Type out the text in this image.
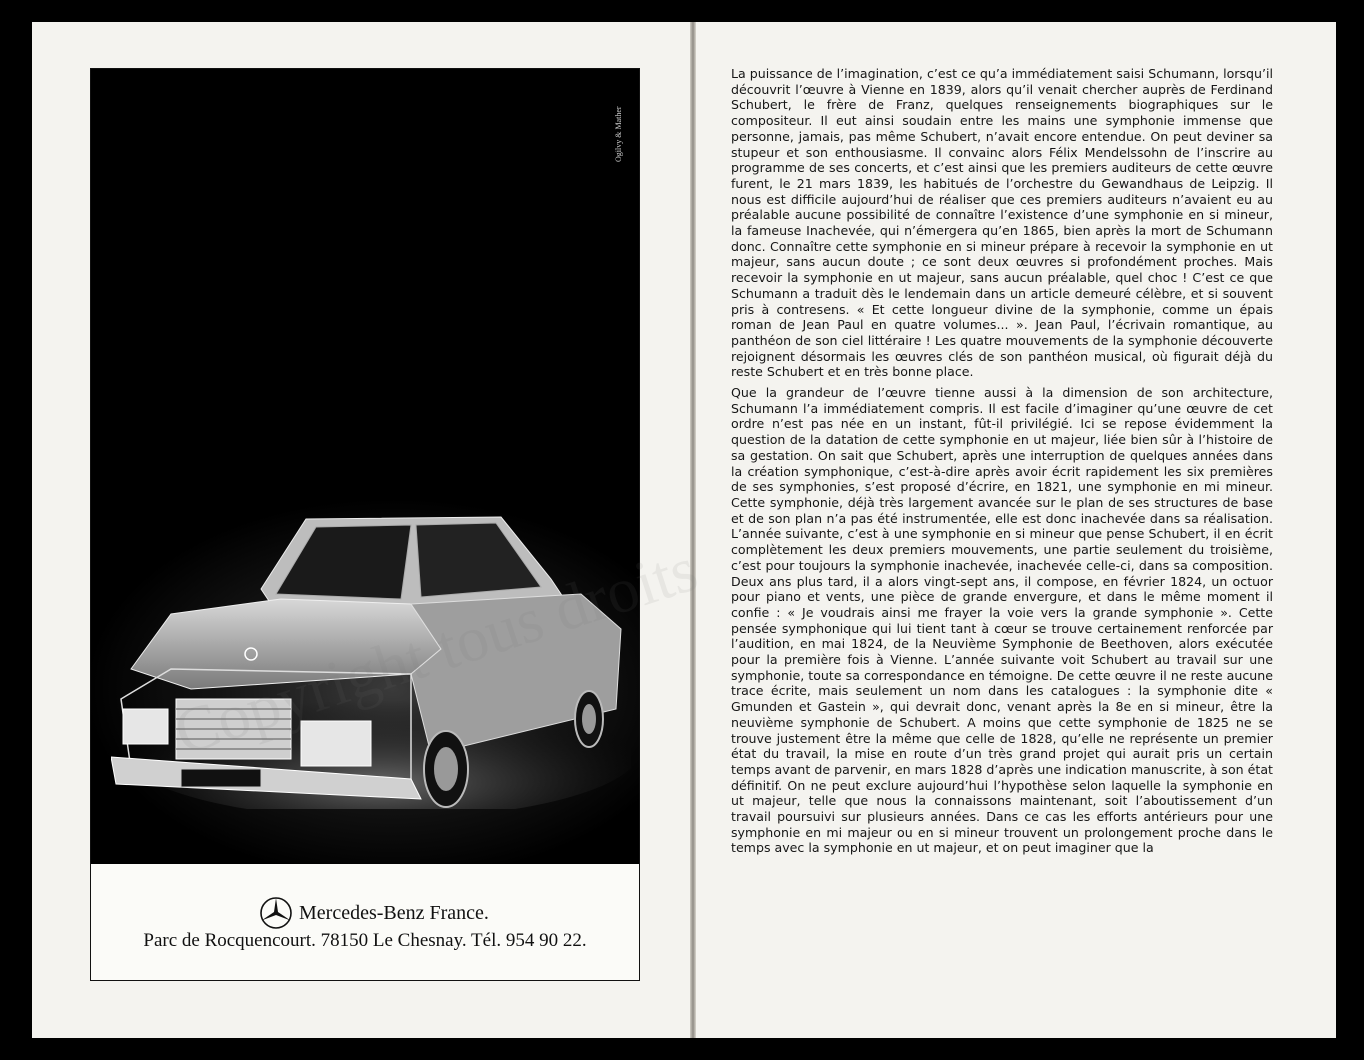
Ogilvy & Mather
Mercedes-Benz France.
Parc de Rocquencourt. 78150 Le Chesnay. Tél. 954 90 22.

La puissance de l’imagination, c’est ce qu’a immédiatement saisi Schumann, lorsqu’il découvrit l’œuvre à Vienne en 1839, alors qu’il venait chercher auprès de Ferdinand Schubert, le frère de Franz, quelques renseignements biographiques sur le compositeur. Il eut ainsi soudain entre les mains une symphonie immense que personne, jamais, pas même Schubert, n’avait encore entendue. On peut deviner sa stupeur et son enthousiasme. Il convainc alors Félix Mendelssohn de l’inscrire au programme de ses concerts, et c’est ainsi que les premiers auditeurs de cette œuvre furent, le 21 mars 1839, les habitués de l’orchestre du Gewandhaus de Leipzig. Il nous est difficile aujourd’hui de réaliser que ces premiers auditeurs n’avaient eu au préalable aucune possibilité de connaître l’existence d’une symphonie en si mineur, la fameuse Inachevée, qui n’émergera qu’en 1865, bien après la mort de Schumann donc. Connaître cette symphonie en si mineur prépare à recevoir la symphonie en ut majeur, sans aucun doute ; ce sont deux œuvres si profondément proches. Mais recevoir la symphonie en ut majeur, sans aucun préalable, quel choc ! C’est ce que Schumann a traduit dès le lendemain dans un article demeuré célèbre, et si souvent pris à contresens. « Et cette longueur divine de la symphonie, comme un épais roman de Jean Paul en quatre volumes... ». Jean Paul, l’écrivain romantique, au panthéon de son ciel littéraire ! Les quatre mouvements de la symphonie découverte rejoignent désormais les œuvres clés de son panthéon musical, où figurait déjà du reste Schubert et en très bonne place.

Que la grandeur de l’œuvre tienne aussi à la dimension de son architecture, Schumann l’a immédiatement compris. Il est facile d’imaginer qu’une œuvre de cet ordre n’est pas née en un instant, fût-il privilégié. Ici se repose évidemment la question de la datation de cette symphonie en ut majeur, liée bien sûr à l’histoire de sa gestation. On sait que Schubert, après une interruption de quelques années dans la création symphonique, c’est-à-dire après avoir écrit rapidement les six premières de ses symphonies, s’est proposé d’écrire, en 1821, une symphonie en mi mineur. Cette symphonie, déjà très largement avancée sur le plan de ses structures de base et de son plan n’a pas été instrumentée, elle est donc inachevée dans sa réalisation. L’année suivante, c’est à une symphonie en si mineur que pense Schubert, il en écrit complètement les deux premiers mouvements, une partie seulement du troisième, c’est pour toujours la symphonie inachevée, inachevée celle-ci, dans sa composition. Deux ans plus tard, il a alors vingt-sept ans, il compose, en février 1824, un octuor pour piano et vents, une pièce de grande envergure, et dans le même moment il confie : « Je voudrais ainsi me frayer la voie vers la grande symphonie ». Cette pensée symphonique qui lui tient tant à cœur se trouve certainement renforcée par l’audition, en mai 1824, de la Neuvième Symphonie de Beethoven, alors exécutée pour la première fois à Vienne. L’année suivante voit Schubert au travail sur une symphonie, toute sa correspondance en témoigne. De cette œuvre il ne reste aucune trace écrite, mais seulement un nom dans les catalogues : la symphonie dite « Gmunden et Gastein », qui devrait donc, venant après la 8e en si mineur, être la neuvième symphonie de Schubert. A moins que cette symphonie de 1825 ne se trouve justement être la même que celle de 1828, qu’elle ne représente un premier état du travail, la mise en route d’un très grand projet qui aurait pris un certain temps avant de parvenir, en mars 1828 d’après une indication manuscrite, à son état définitif. On ne peut exclure aujourd’hui l’hypothèse selon laquelle la symphonie en ut majeur, telle que nous la connaissons maintenant, soit l’aboutissement d’un travail poursuivi sur plusieurs années. Dans ce cas les efforts antérieurs pour une symphonie en mi majeur ou en si mineur trouvent un prolongement proche dans le temps avec la symphonie en ut majeur, et on peut imaginer que la
